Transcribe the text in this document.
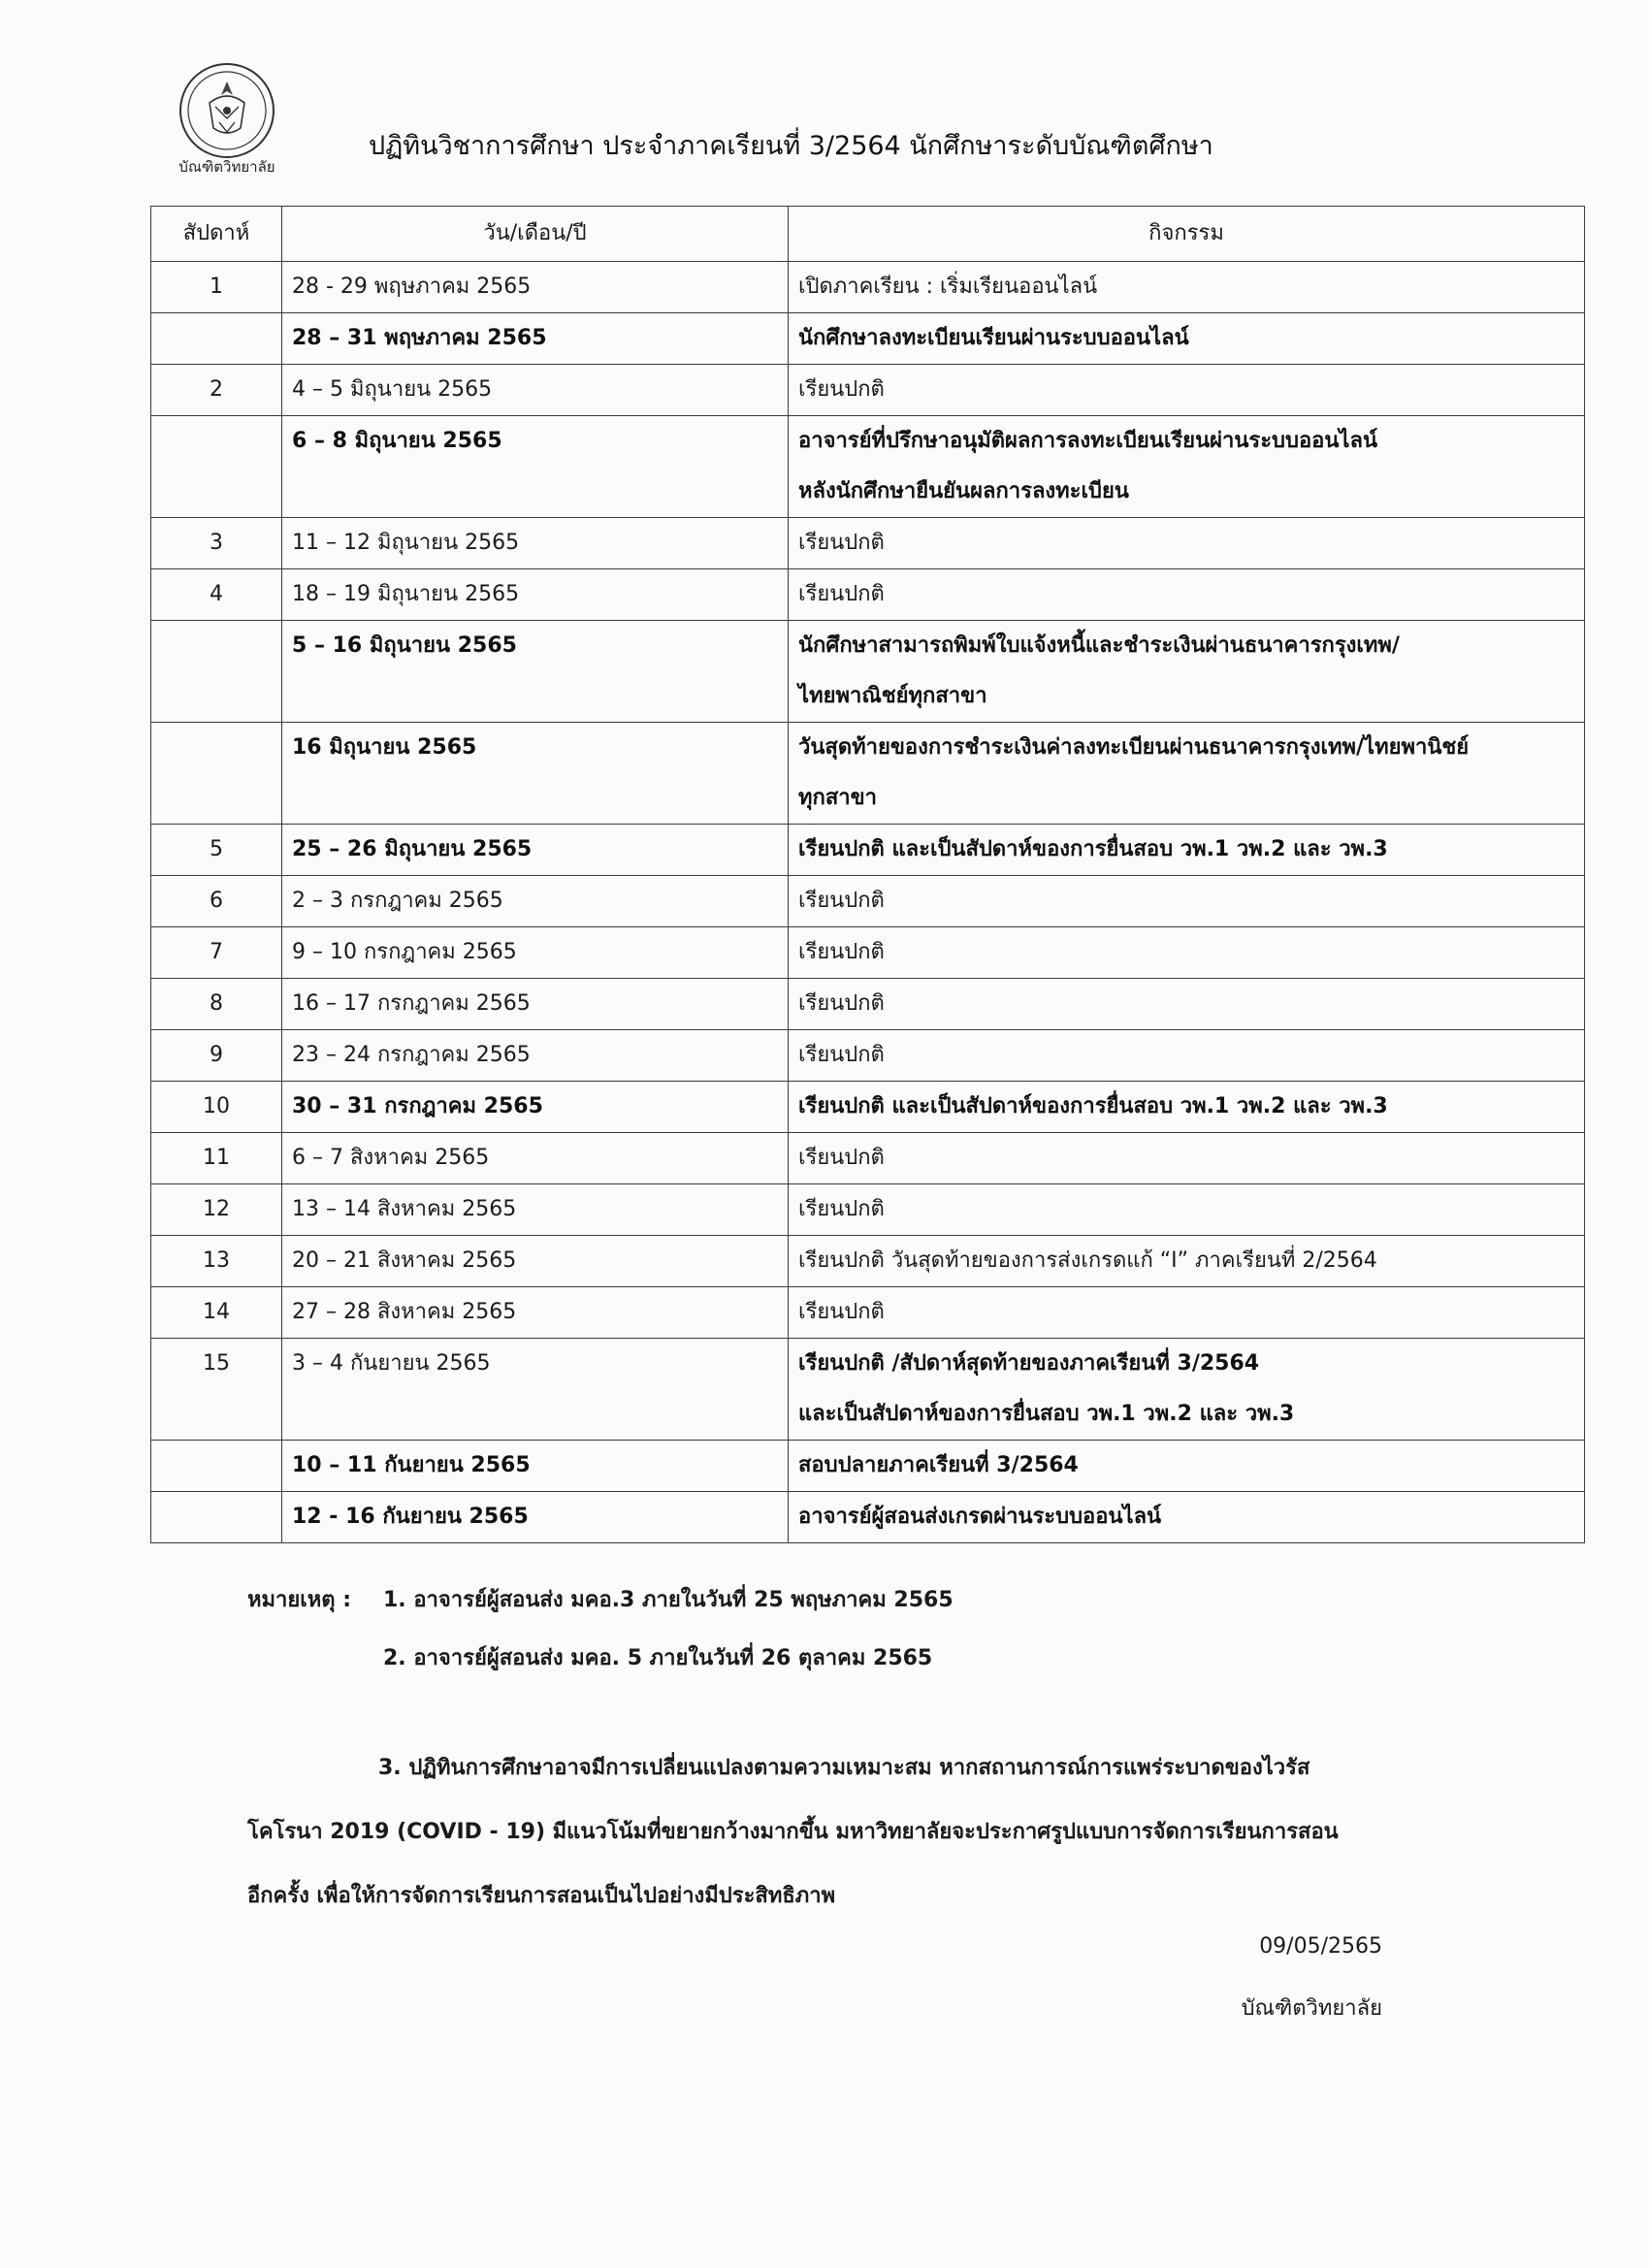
บัณฑิตวิทยาลัย
ปฏิทินวิชาการศึกษา ประจำภาคเรียนที่ 3/2564 นักศึกษาระดับบัณฑิตศึกษา
สัปดาห์	วัน/เดือน/ปี	กิจกรรม
1	28 - 29 พฤษภาคม 2565	เปิดภาคเรียน : เริ่มเรียนออนไลน์

	28 – 31 พฤษภาคม 2565	นักศึกษาลงทะเบียนเรียนผ่านระบบออนไลน์

2	4 – 5 มิถุนายน 2565	เรียนปกติ

	6 – 8 มิถุนายน 2565	อาจารย์ที่ปรึกษาอนุมัติผลการลงทะเบียนเรียนผ่านระบบออนไลน์
หลังนักศึกษายืนยันผลการลงทะเบียน

3	11 – 12 มิถุนายน 2565	เรียนปกติ

4	18 – 19 มิถุนายน 2565	เรียนปกติ

	5 – 16 มิถุนายน 2565	นักศึกษาสามารถพิมพ์ใบแจ้งหนี้และชำระเงินผ่านธนาคารกรุงเทพ/
ไทยพาณิชย์ทุกสาขา

	16 มิถุนายน 2565	วันสุดท้ายของการชำระเงินค่าลงทะเบียนผ่านธนาคารกรุงเทพ/ไทยพานิชย์
ทุกสาขา

5	25 – 26 มิถุนายน 2565	เรียนปกติ และเป็นสัปดาห์ของการยื่นสอบ วพ.1 วพ.2 และ วพ.3

6	2 – 3 กรกฎาคม 2565	เรียนปกติ

7	9 – 10 กรกฎาคม 2565	เรียนปกติ

8	16 – 17 กรกฎาคม 2565	เรียนปกติ

9	23 – 24 กรกฎาคม 2565	เรียนปกติ

10	30 – 31 กรกฎาคม 2565	เรียนปกติ และเป็นสัปดาห์ของการยื่นสอบ วพ.1 วพ.2 และ วพ.3

11	6 – 7 สิงหาคม 2565	เรียนปกติ

12	13 – 14 สิงหาคม 2565	เรียนปกติ

13	20 – 21 สิงหาคม 2565	เรียนปกติ วันสุดท้ายของการส่งเกรดแก้ “I” ภาคเรียนที่ 2/2564

14	27 – 28 สิงหาคม 2565	เรียนปกติ

15	3 – 4 กันยายน 2565	เรียนปกติ /สัปดาห์สุดท้ายของภาคเรียนที่ 3/2564
และเป็นสัปดาห์ของการยื่นสอบ วพ.1 วพ.2 และ วพ.3

	10 – 11 กันยายน 2565	สอบปลายภาคเรียนที่ 3/2564

	12 - 16 กันยายน 2565	อาจารย์ผู้สอนส่งเกรดผ่านระบบออนไลน์
หมายเหตุ : 1. อาจารย์ผู้สอนส่ง มคอ.3 ภายในวันที่ 25 พฤษภาคม 2565
2. อาจารย์ผู้สอนส่ง มคอ. 5 ภายในวันที่ 26 ตุลาคม 2565
3. ปฏิทินการศึกษาอาจมีการเปลี่ยนแปลงตามความเหมาะสม หากสถานการณ์การแพร่ระบาดของไวรัส
โคโรนา 2019 (COVID - 19) มีแนวโน้มที่ขยายกว้างมากขึ้น มหาวิทยาลัยจะประกาศรูปแบบการจัดการเรียนการสอน
อีกครั้ง เพื่อให้การจัดการเรียนการสอนเป็นไปอย่างมีประสิทธิภาพ
09/05/2565
บัณฑิตวิทยาลัย
